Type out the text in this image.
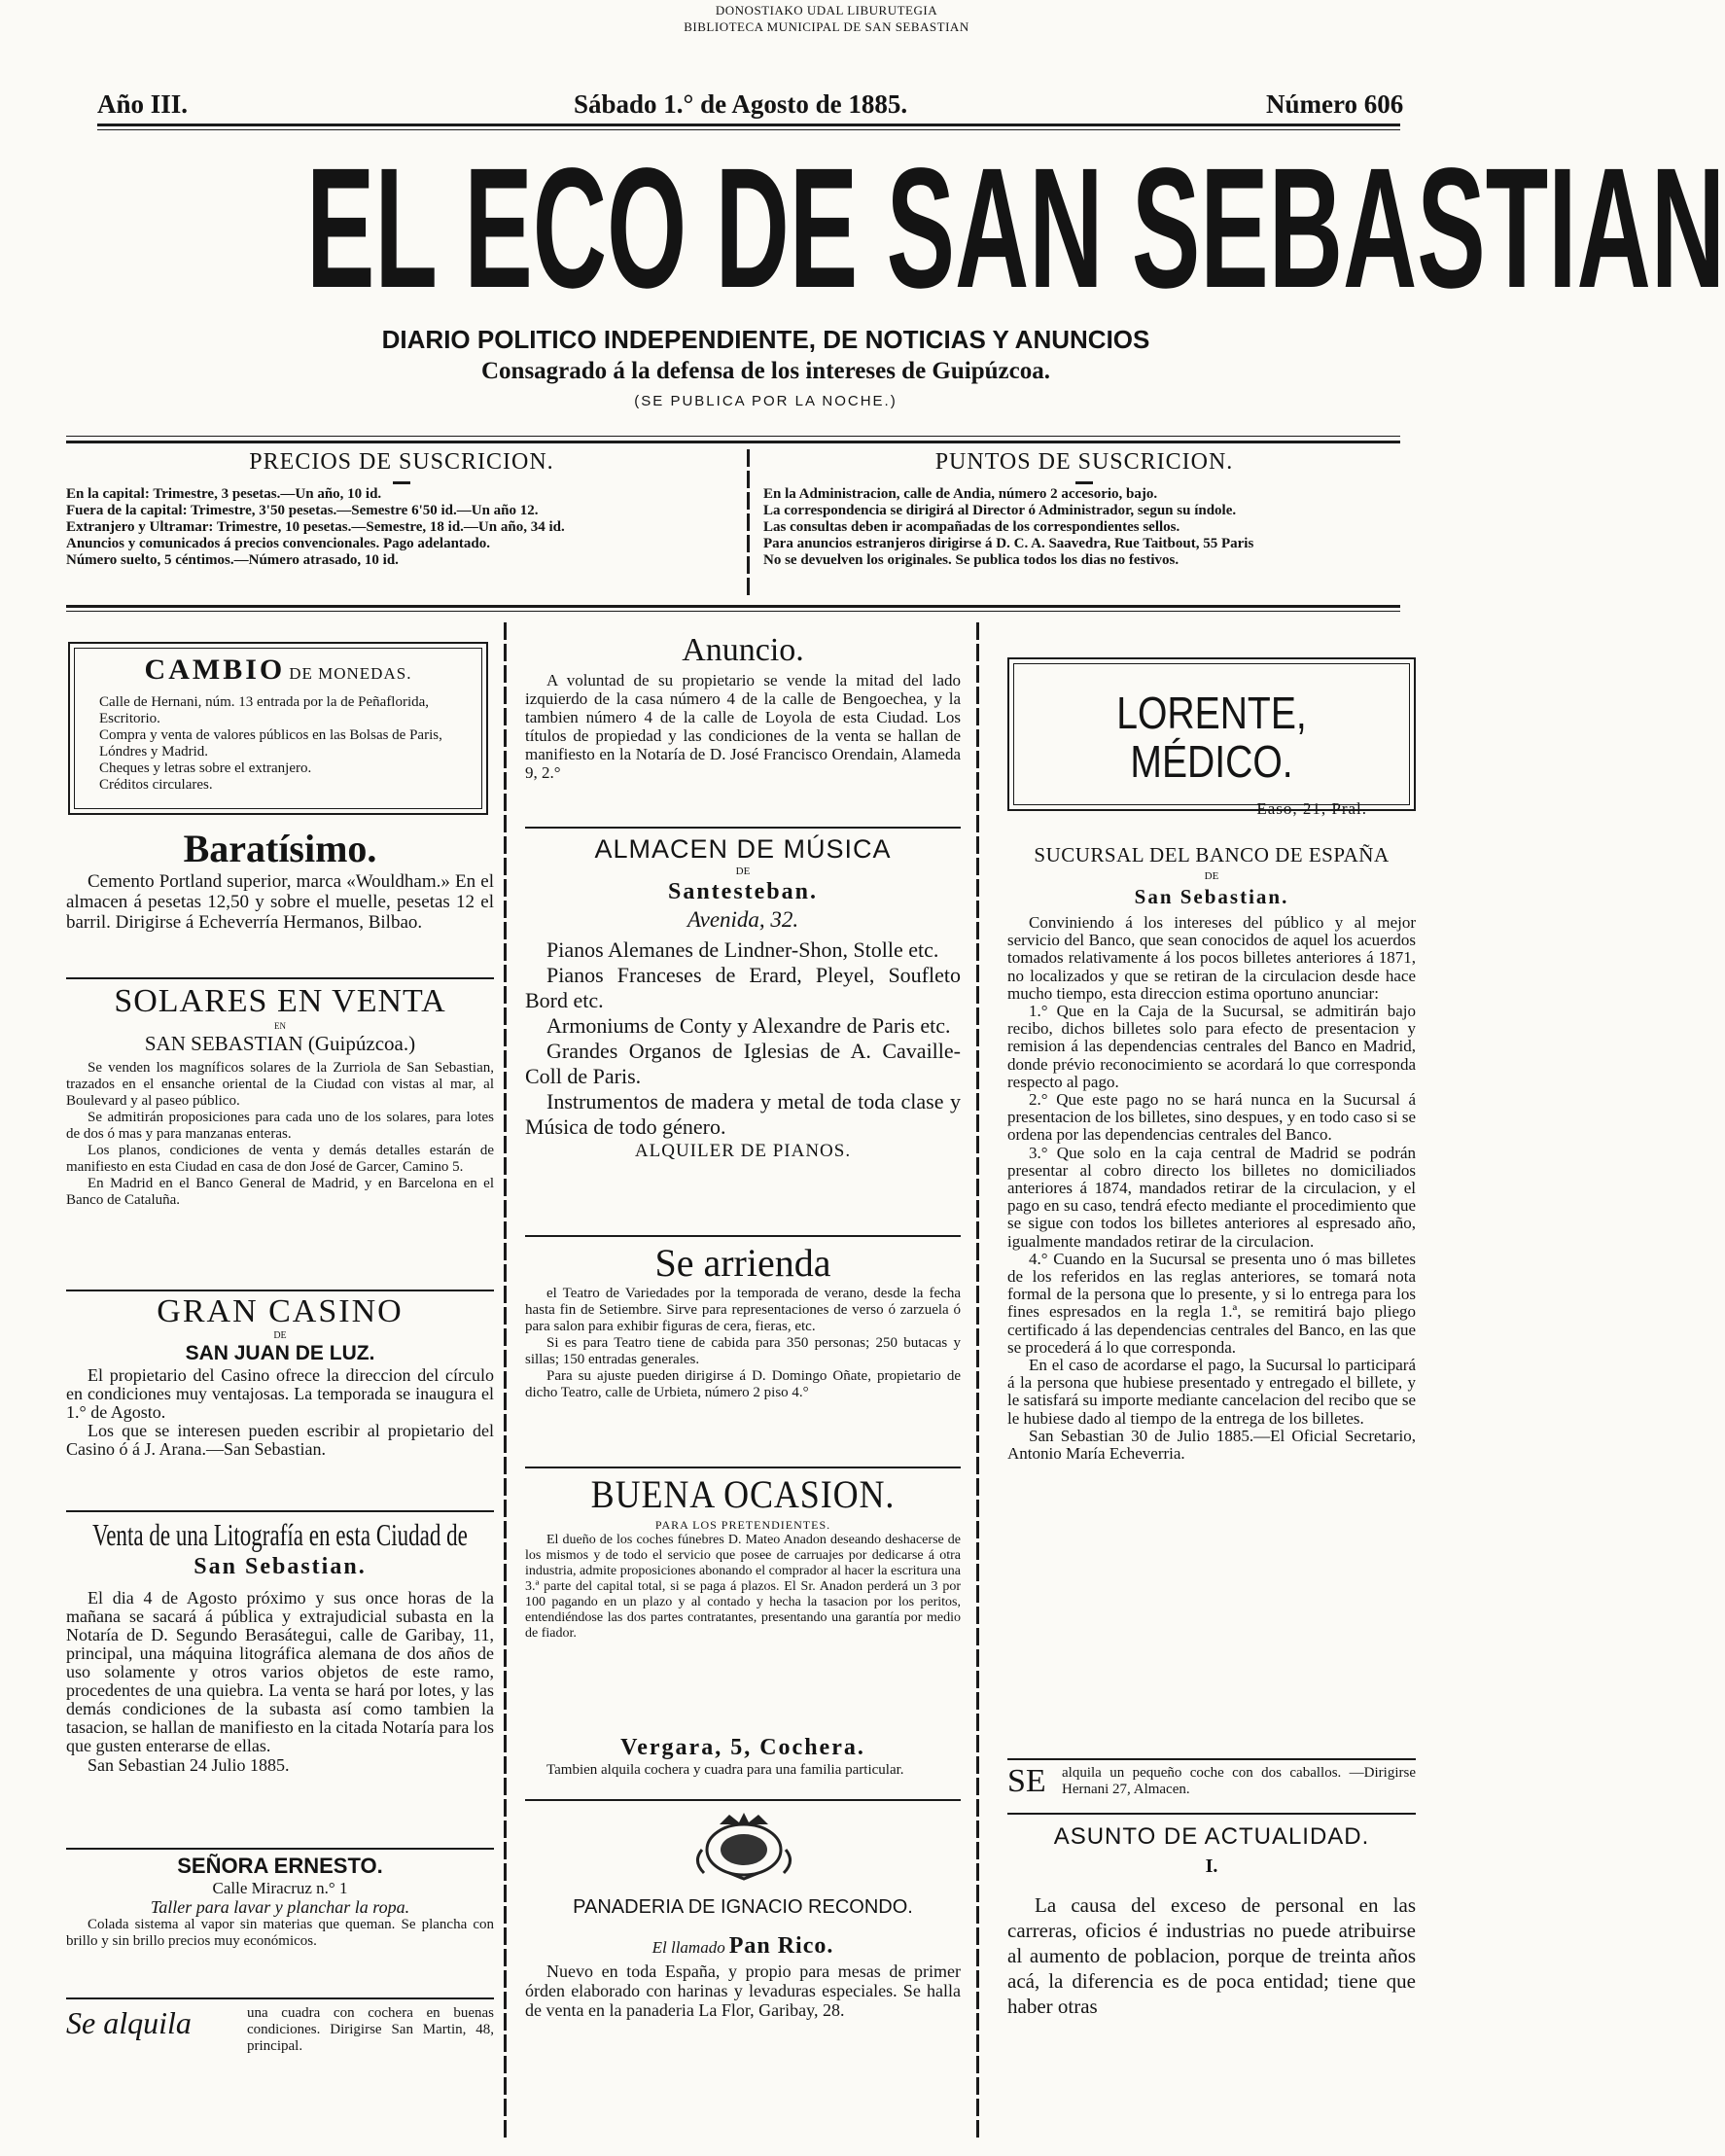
DONOSTIAKO UDAL LIBURUTEGIA
BIBLIOTECA MUNICIPAL DE SAN SEBASTIAN
Año III.	Sábado 1.° de Agosto de 1885.	Número 606
EL ECO DE SAN SEBASTIAN
DIARIO POLITICO INDEPENDIENTE, DE NOTICIAS Y ANUNCIOS
Consagrado á la defensa de los intereses de Guipúzcoa.
(SE PUBLICA POR LA NOCHE.)
PRECIOS DE SUSCRICION.
En la capital: Trimestre, 3 pesetas.—Un año, 10 id.
Fuera de la capital: Trimestre, 3'50 pesetas.—Semestre 6'50 id.—Un año 12.
Extranjero y Ultramar: Trimestre, 10 pesetas.—Semestre, 18 id.—Un año, 34 id.
Anuncios y comunicados á precios convencionales. Pago adelantado.
Número suelto, 5 céntimos.—Número atrasado, 10 id.
PUNTOS DE SUSCRICION.
En la Administracion, calle de Andia, número 2 accesorio, bajo.
La correspondencia se dirigirá al Director ó Administrador, segun su índole.
Las consultas deben ir acompañadas de los correspondientes sellos.
Para anuncios estranjeros dirigirse á D. C. A. Saavedra, Rue Taitbout, 55 Paris
No se devuelven los originales. Se publica todos los dias no festivos.
CAMBIO DE MONEDAS.
Calle de Hernani, núm. 13 entrada por la de Peñaflorida, Escritorio.
Compra y venta de valores públicos en las Bolsas de Paris, Lóndres y Madrid.
Cheques y letras sobre el extranjero.
Créditos circulares.
Baratísimo.
Cemento Portland superior, marca «Wouldham.» En el almacen á pesetas 12,50 y sobre el muelle, pesetas 12 el barril. Dirigirse á Echeverría Hermanos, Bilbao.
SOLARES EN VENTA
EN
SAN SEBASTIAN (Guipúzcoa.)
Se venden los magníficos solares de la Zurriola de San Sebastian, trazados en el ensanche oriental de la Ciudad con vistas al mar, al Boulevard y al paseo público.
Se admitirán proposiciones para cada uno de los solares, para lotes de dos ó mas y para manzanas enteras.
Los planos, condiciones de venta y demás detalles estarán de manifiesto en esta Ciudad en casa de don José de Garcer, Camino 5.
En Madrid en el Banco General de Madrid, y en Barcelona en el Banco de Cataluña.
GRAN CASINO
DE
SAN JUAN DE LUZ.
El propietario del Casino ofrece la direccion del círculo en condiciones muy ventajosas. La temporada se inaugura el 1.° de Agosto.
Los que se interesen pueden escribir al propietario del Casino ó á J. Arana.—San Sebastian.
Venta de una Litografía en esta Ciudad de
San Sebastian.
El dia 4 de Agosto próximo y sus once horas de la mañana se sacará á pública y extrajudicial subasta en la Notaría de D. Segundo Berasátegui, calle de Garibay, 11, principal, una máquina litográfica alemana de dos años de uso solamente y otros varios objetos de este ramo, procedentes de una quiebra. La venta se hará por lotes, y las demás condiciones de la subasta así como tambien la tasacion, se hallan de manifiesto en la citada Notaría para los que gusten enterarse de ellas.
San Sebastian 24 Julio 1885.
SEÑORA ERNESTO.
Calle Miracruz n.° 1
Taller para lavar y planchar la ropa.
Colada sistema al vapor sin materias que queman. Se plancha con brillo y sin brillo precios muy económicos.
Se alquila	una cuadra con cochera en buenas condiciones. Dirigirse San Martin, 48, principal.
Anuncio.
A voluntad de su propietario se vende la mitad del lado izquierdo de la casa número 4 de la calle de Bengoechea, y la tambien número 4 de la calle de Loyola de esta Ciudad. Los títulos de propiedad y las condiciones de la venta se hallan de manifiesto en la Notaría de D. José Francisco Orendain, Alameda 9, 2.°
ALMACEN DE MÚSICA
DE
Santesteban.
Avenida, 32.
Pianos Alemanes de Lindner-Shon, Stolle etc.
Pianos Franceses de Erard, Pleyel, Soufleto Bord etc.
Armoniums de Conty y Alexandre de Paris etc.
Grandes Organos de Iglesias de A. Cavaille-Coll de Paris.
Instrumentos de madera y metal de toda clase y Música de todo género.
ALQUILER DE PIANOS.
Se arrienda
el Teatro de Variedades por la temporada de verano, desde la fecha hasta fin de Setiembre. Sirve para representaciones de verso ó zarzuela ó para salon para exhibir figuras de cera, fieras, etc.
Si es para Teatro tiene de cabida para 350 personas; 250 butacas y sillas; 150 entradas generales.
Para su ajuste pueden dirigirse á D. Domingo Oñate, propietario de dicho Teatro, calle de Urbieta, número 2 piso 4.°
BUENA OCASION.
PARA LOS PRETENDIENTES.
El dueño de los coches fúnebres D. Mateo Anadon deseando deshacerse de los mismos y de todo el servicio que posee de carruajes por dedicarse á otra industria, admite proposiciones abonando el comprador al hacer la escritura una 3.ª parte del capital total, si se paga á plazos. El Sr. Anadon perderá un 3 por 100 pagando en un plazo y al contado y hecha la tasacion por los peritos, entendiéndose las dos partes contratantes, presentando una garantía por medio de fiador.
Vergara, 5, Cochera.
Tambien alquila cochera y cuadra para una familia particular.
PANADERIA DE IGNACIO RECONDO.
El llamado Pan Rico.
Nuevo en toda España, y propio para mesas de primer órden elaborado con harinas y levaduras especiales. Se halla de venta en la panaderia La Flor, Garibay, 28.
LORENTE, MÉDICO.
Easo, 21, Pral.
SUCURSAL DEL BANCO DE ESPAÑA
DE
San Sebastian.
Conviniendo á los intereses del público y al mejor servicio del Banco, que sean conocidos de aquel los acuerdos tomados relativamente á los pocos billetes anteriores á 1871, no localizados y que se retiran de la circulacion desde hace mucho tiempo, esta direccion estima oportuno anunciar:
1.° Que en la Caja de la Sucursal, se admitirán bajo recibo, dichos billetes solo para efecto de presentacion y remision á las dependencias centrales del Banco en Madrid, donde prévio reconocimiento se acordará lo que corresponda respecto al pago.
2.° Que este pago no se hará nunca en la Sucursal á presentacion de los billetes, sino despues, y en todo caso si se ordena por las dependencias centrales del Banco.
3.° Que solo en la caja central de Madrid se podrán presentar al cobro directo los billetes no domiciliados anteriores á 1874, mandados retirar de la circulacion, y el pago en su caso, tendrá efecto mediante el procedimiento que se sigue con todos los billetes anteriores al espresado año, igualmente mandados retirar de la circulacion.
4.° Cuando en la Sucursal se presenta uno ó mas billetes de los referidos en las reglas anteriores, se tomará nota formal de la persona que lo presente, y si lo entrega para los fines espresados en la regla 1.ª, se remitirá bajo pliego certificado á las dependencias centrales del Banco, en las que se procederá á lo que corresponda.
En el caso de acordarse el pago, la Sucursal lo participará á la persona que hubiese presentado y entregado el billete, y le satisfará su importe mediante cancelacion del recibo que se le hubiese dado al tiempo de la entrega de los billetes.
San Sebastian 30 de Julio 1885.—El Oficial Secretario, Antonio María Echeverria.
SE	alquila un pequeño coche con dos caballos. —Dirigirse Hernani 27, Almacen.
ASUNTO DE ACTUALIDAD.
I.
La causa del exceso de personal en las carreras, oficios é industrias no puede atribuirse al aumento de poblacion, porque de treinta años acá, la diferencia es de poca entidad; tiene que haber otras
